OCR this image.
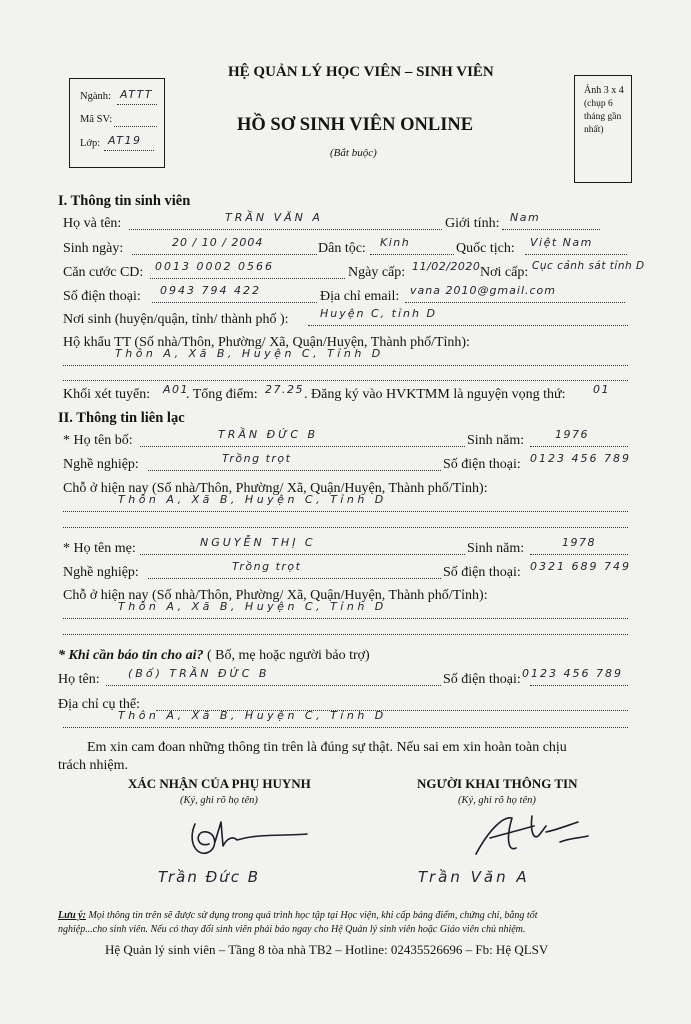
Ngành: ATTT
Mã SV:
Lớp: AT19
HỆ QUẢN LÝ HỌC VIÊN – SINH VIÊN
HỒ SƠ SINH VIÊN ONLINE
(Bắt buộc)
Ảnh 3 x 4
(chụp 6
tháng gần
nhất)
I. Thông tin sinh viên
Họ và tên:	TRẦN VĂN A	Giới tính: Nam
Sinh ngày:	20 / 10 / 2004	Dân tộc: Kinh	Quốc tịch: Việt Nam
Căn cước CD: 0013 0002 0566	Ngày cấp: 11/02/2020 Nơi cấp: Cục cảnh sát tỉnh D
Số điện thoại: 0943 794 422	Địa chỉ email: vana 2010@gmail.com
Nơi sinh (huyện/quận, tỉnh/ thành phố ):	Huyện C, tỉnh D
Hộ khẩu TT (Số nhà/Thôn, Phường/ Xã, Quận/Huyện, Thành phố/Tỉnh):
Thôn A, Xã B, Huyện C, Tỉnh D
Khối xét tuyển: A01
. Tổng điểm: 27.25 . Đăng ký vào HVKTMM là nguyện vọng thứ: 01
II. Thông tin liên lạc
* Họ tên bố:	TRẦN ĐỨC B	Sinh năm:	1976
Nghề nghiệp:	Trồng trọt	Số điện thoại: 0123 456 789
Chỗ ở hiện nay (Số nhà/Thôn, Phường/ Xã, Quận/Huyện, Thành phố/Tỉnh):
Thôn A, Xã B, Huyện C, Tỉnh D
* Họ tên mẹ:	NGUYỄN THỊ C	Sinh năm:	1978
Nghề nghiệp:	Trồng trọt	Số điện thoại: 0321 689 749
Chỗ ở hiện nay (Số nhà/Thôn, Phường/ Xã, Quận/Huyện, Thành phố/Tỉnh):
Thôn A, Xã B, Huyện C, Tỉnh D
* Khi cần báo tin cho ai? ( Bố, mẹ hoặc người bảo trợ)
Họ tên:	(Bố) TRẦN ĐỨC B	Số điện thoại: 0123 456 789
Địa chỉ cụ thể:
Thôn A, Xã B, Huyện C, Tỉnh D
Em xin cam đoan những thông tin trên là đúng sự thật. Nếu sai em xin hoàn toàn chịu
trách nhiệm.
XÁC NHẬN CỦA PHỤ HUYNH
(Ký, ghi rõ họ tên)
NGƯỜI KHAI THÔNG TIN
(Ký, ghi rõ họ tên)
Trần Đức B	Trần Văn A
Lưu ý: Mọi thông tin trên sẽ được sử dụng trong quá trình học tập tại Học viện, khi cấp bảng điểm, chứng chỉ, bằng tốt
nghiệp...cho sinh viên. Nếu có thay đổi sinh viên phải báo ngay cho Hệ Quản lý sinh viên hoặc Giáo viên chủ nhiệm.
Hệ Quản lý sinh viên – Tầng 8 tòa nhà TB2 – Hotline: 02435526696 – Fb: Hệ QLSV
